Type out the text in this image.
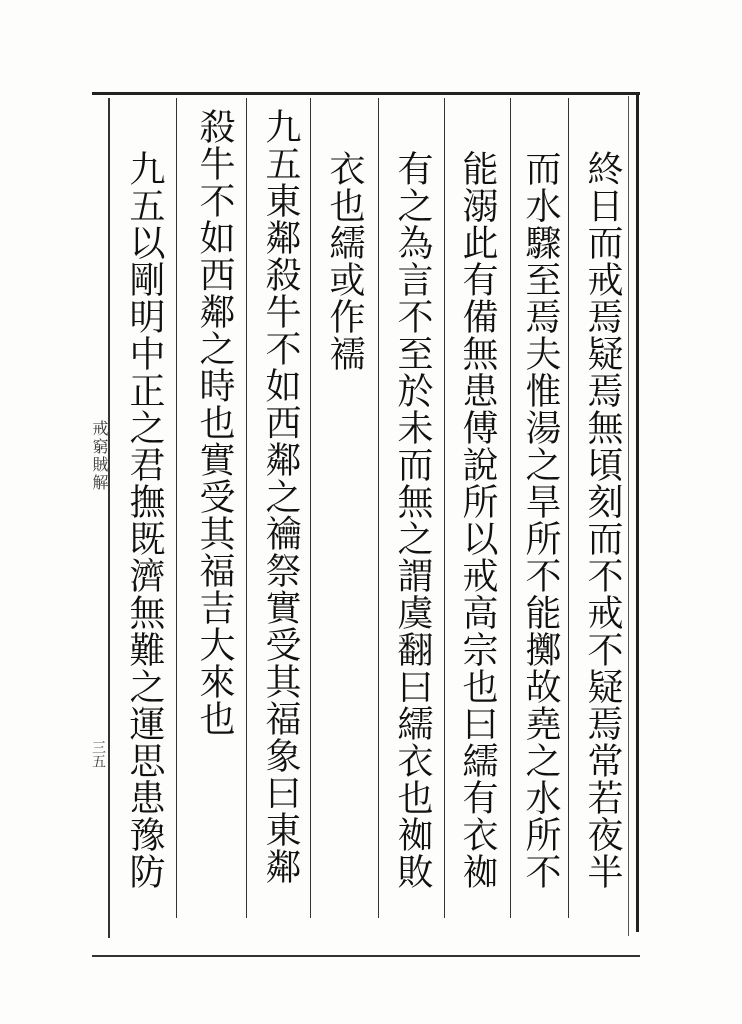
戒窮賊解
三五	終日而戒焉疑焉無頃刻而不戒不疑焉常若夜半
而水驟至焉夫惟湯之旱所不能擲故堯之水所不
能溺此有備無患傅說所以戒高宗也曰繻有衣袽
有之為言不至於未而無之謂虞翻曰繻衣也袽敗
衣也繻或作襦
九五東鄰殺牛不如西鄰之禴祭實受其福象曰東鄰
殺牛不如西鄰之時也實受其福吉大來也
九五以剛明中正之君撫既濟無難之運思患豫防
